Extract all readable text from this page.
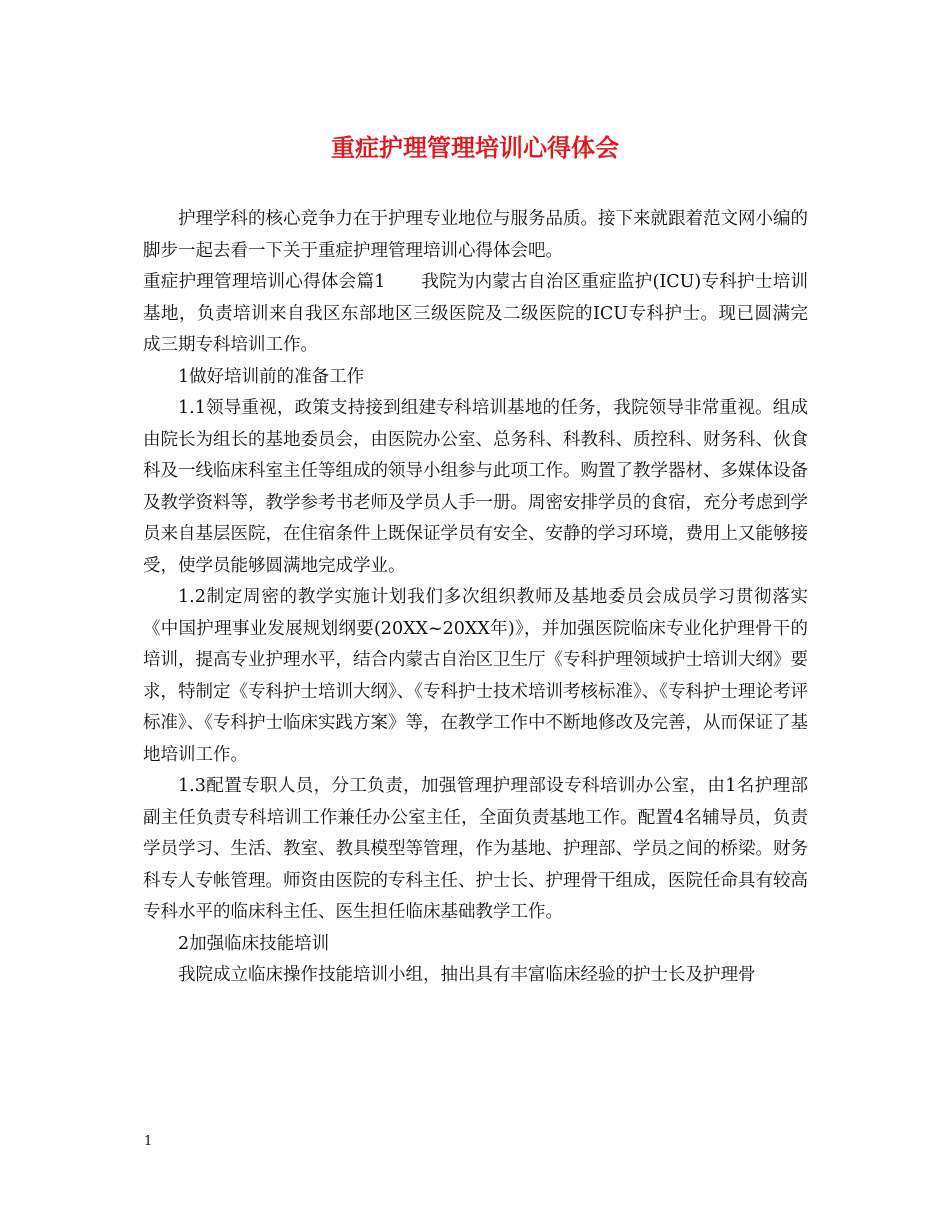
重症护理管理培训心得体会

护理学科的核心竞争力在于护理专业地位与服务品质。接下来就跟着范文网小编的脚步一起去看一下关于重症护理管理培训心得体会吧。

重症护理管理培训心得体会篇1　　我院为内蒙古自治区重症监护(ICU)专科护士培训基地，负责培训来自我区东部地区三级医院及二级医院的ICU专科护士。现已圆满完成三期专科培训工作。

1做好培训前的准备工作

1.1领导重视，政策支持接到组建专科培训基地的任务，我院领导非常重视。组成由院长为组长的基地委员会，由医院办公室、总务科、科教科、质控科、财务科、伙食科及一线临床科室主任等组成的领导小组参与此项工作。购置了教学器材、多媒体设备及教学资料等，教学参考书老师及学员人手一册。周密安排学员的食宿，充分考虑到学员来自基层医院，在住宿条件上既保证学员有安全、安静的学习环境，费用上又能够接受，使学员能够圆满地完成学业。

1.2制定周密的教学实施计划我们多次组织教师及基地委员会成员学习贯彻落实《中国护理事业发展规划纲要(20XX~20XX年)》，并加强医院临床专业化护理骨干的培训，提高专业护理水平，结合内蒙古自治区卫生厅《专科护理领域护士培训大纲》要求，特制定《专科护士培训大纲》、《专科护士技术培训考核标准》、《专科护士理论考评标准》、《专科护士临床实践方案》等，在教学工作中不断地修改及完善，从而保证了基地培训工作。

1.3配置专职人员，分工负责，加强管理护理部设专科培训办公室，由1名护理部副主任负责专科培训工作兼任办公室主任，全面负责基地工作。配置4名辅导员，负责学员学习、生活、教室、教具模型等管理，作为基地、护理部、学员之间的桥梁。财务科专人专帐管理。师资由医院的专科主任、护士长、护理骨干组成，医院任命具有较高专科水平的临床科主任、医生担任临床基础教学工作。

2加强临床技能培训

我院成立临床操作技能培训小组，抽出具有丰富临床经验的护士长及护理骨

1
